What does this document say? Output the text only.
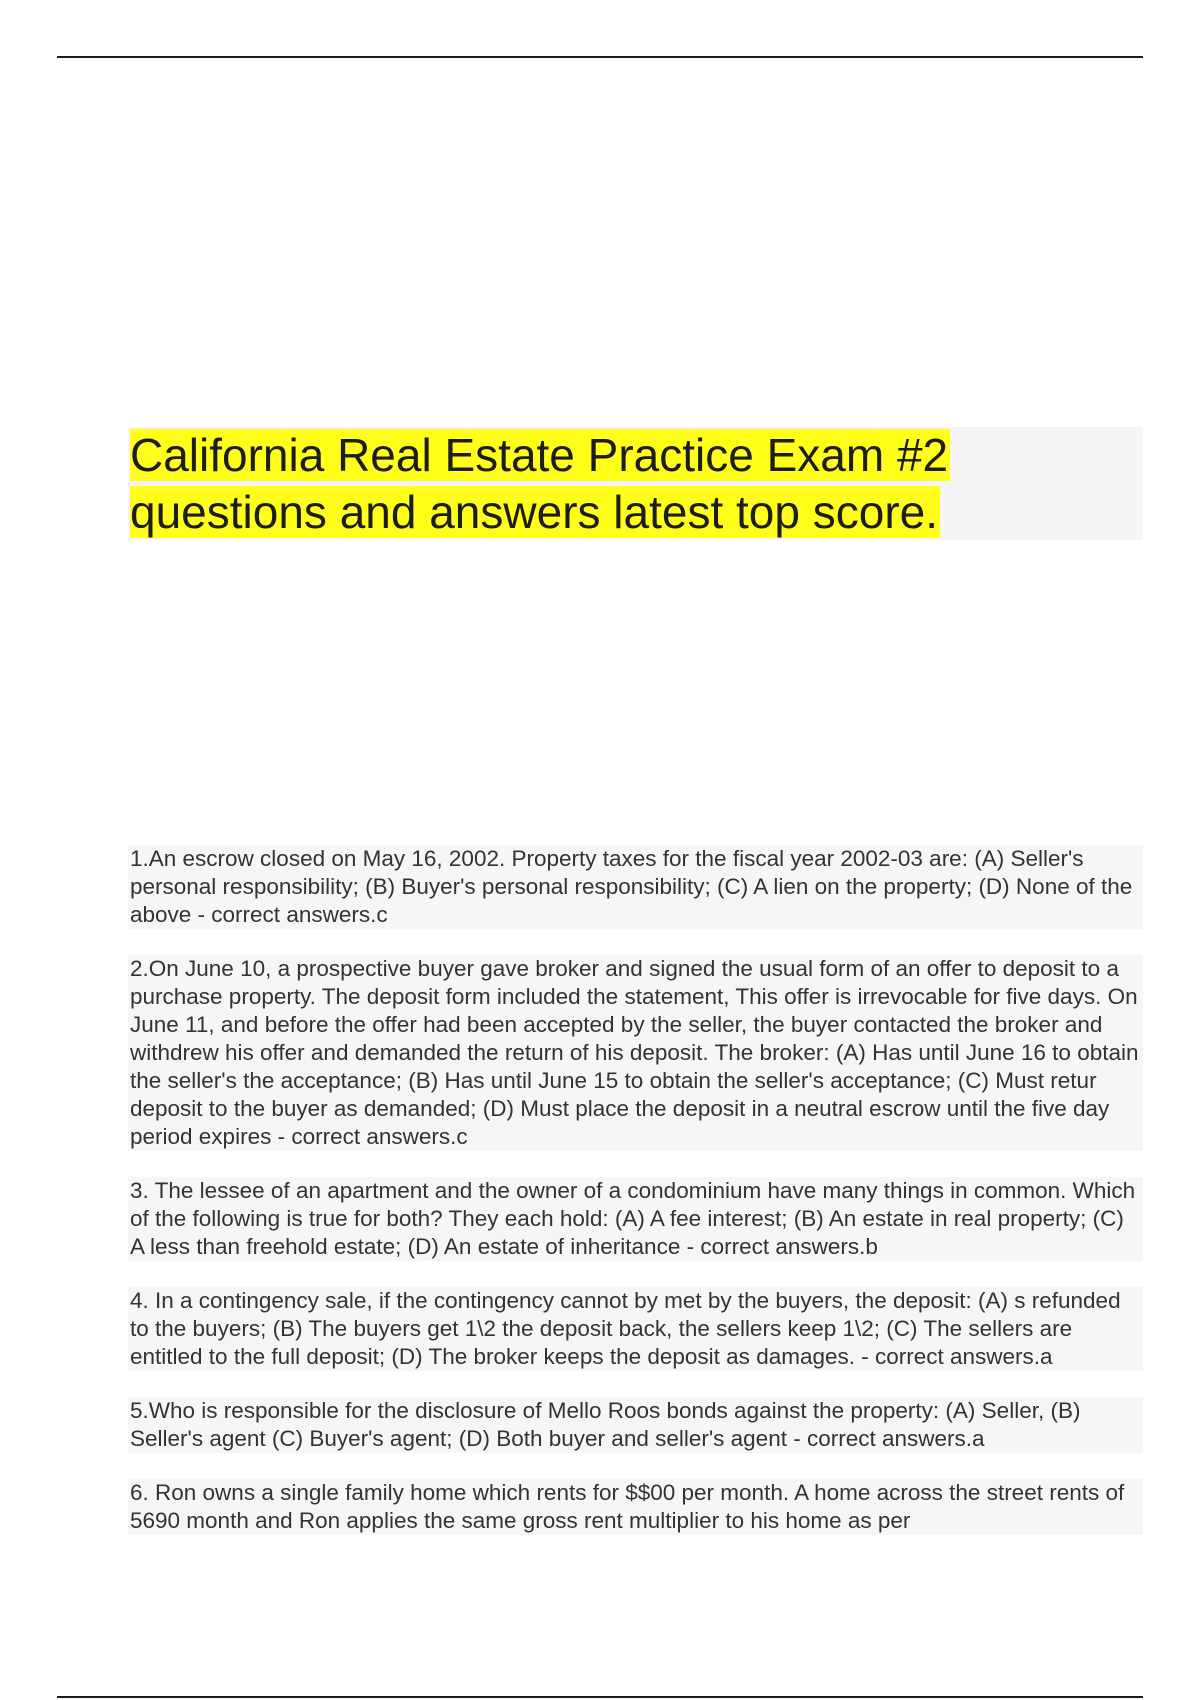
California Real Estate Practice Exam #2 questions and answers latest top score.

1.An escrow closed on May 16, 2002. Property taxes for the fiscal year 2002-03 are: (A) Seller's personal responsibility; (B) Buyer's personal responsibility; (C) A lien on the property; (D) None of the above - correct answers.c

2.On June 10, a prospective buyer gave broker and signed the usual form of an offer to deposit to a purchase property. The deposit form included the statement, This offer is irrevocable for five days. On June 11, and before the offer had been accepted by the seller, the buyer contacted the broker and withdrew his offer and demanded the return of his deposit. The broker: (A) Has until June 16 to obtain the seller's the acceptance; (B) Has until June 15 to obtain the seller's acceptance; (C) Must retur deposit to the buyer as demanded; (D) Must place the deposit in a neutral escrow until the five day period expires - correct answers.c

3. The lessee of an apartment and the owner of a condominium have many things in common. Which of the following is true for both? They each hold: (A) A fee interest; (B) An estate in real property; (C) A less than freehold estate; (D) An estate of inheritance - correct answers.b

4. In a contingency sale, if the contingency cannot by met by the buyers, the deposit: (A) s refunded to the buyers; (B) The buyers get 1\2 the deposit back, the sellers keep 1\2; (C) The sellers are entitled to the full deposit; (D) The broker keeps the deposit as damages. - correct answers.a

5.Who is responsible for the disclosure of Mello Roos bonds against the property: (A) Seller, (B) Seller's agent (C) Buyer's agent; (D) Both buyer and seller's agent - correct answers.a

6. Ron owns a single family home which rents for $$00 per month. A home across the street rents of 5690 month and Ron applies the same gross rent multiplier to his home as per
